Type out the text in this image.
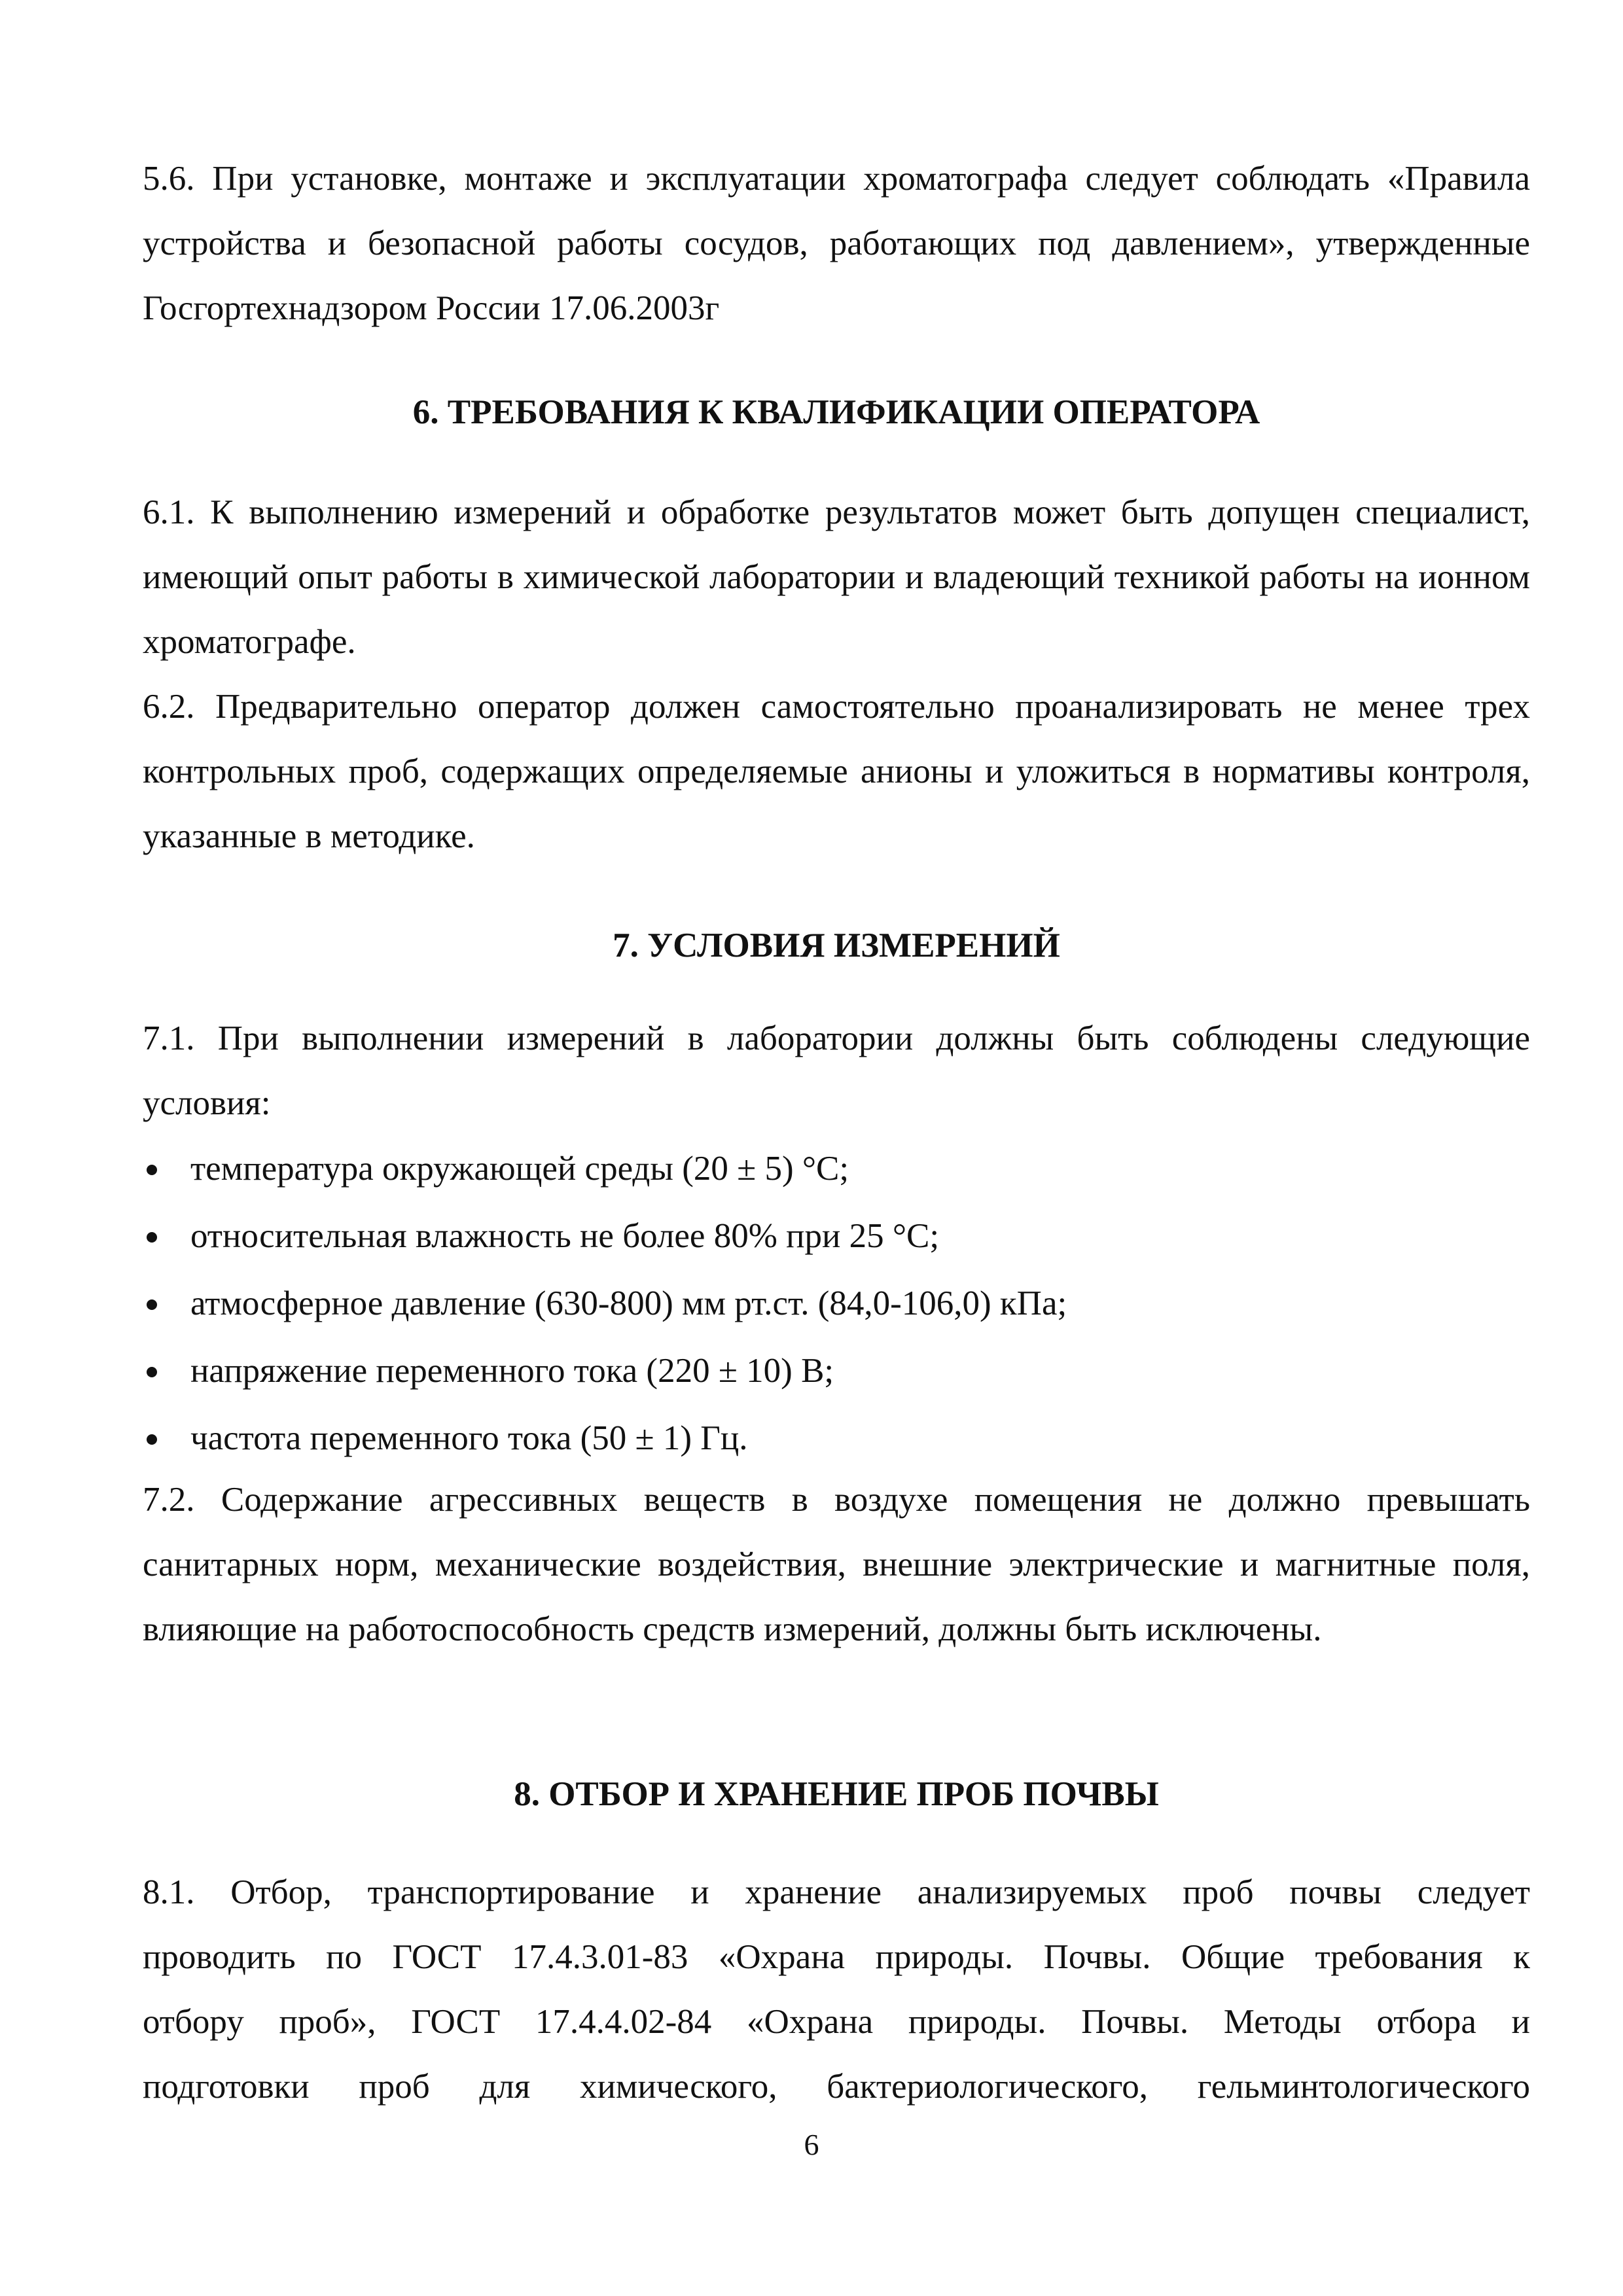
5.6. При установке, монтаже и эксплуатации хроматографа следует соблюдать «Правила устройства и безопасной работы сосудов, работающих под давлением», утвержденные Госгортехнадзором России 17.06.2003г

6. ТРЕБОВАНИЯ К КВАЛИФИКАЦИИ ОПЕРАТОРА

6.1. К выполнению измерений и обработке результатов может быть допущен специалист, имеющий опыт работы в химической лаборатории и владеющий техникой работы на ионном хроматографе.

6.2. Предварительно оператор должен самостоятельно проанализировать не менее трех контрольных проб, содержащих определяемые анионы и уложиться в нормативы контроля, указанные в методике.

7. УСЛОВИЯ ИЗМЕРЕНИЙ

7.1. При выполнении измерений в лаборатории должны быть соблюдены следующие условия:

температура окружающей среды (20 ± 5) °С;
относительная влажность не более 80% при 25 °С;
атмосферное давление (630-800) мм рт.ст. (84,0-106,0) кПа;
напряжение переменного тока (220 ± 10) В;
частота переменного тока (50 ± 1) Гц.

7.2. Содержание агрессивных веществ в воздухе помещения не должно превышать санитарных норм, механические воздействия, внешние электрические и магнитные поля, влияющие на работоспособность средств измерений, должны быть исключены.

8. ОТБОР И ХРАНЕНИЕ ПРОБ ПОЧВЫ
8.1. Отбор, транспортирование и хранение анализируемых проб почвы следует
проводить по ГОСТ 17.4.3.01-83 «Охрана природы. Почвы. Общие требования к
отбору проб», ГОСТ 17.4.4.02-84 «Охрана природы. Почвы. Методы отбора и
подготовки проб для химического, бактериологического, гельминтологического
6
